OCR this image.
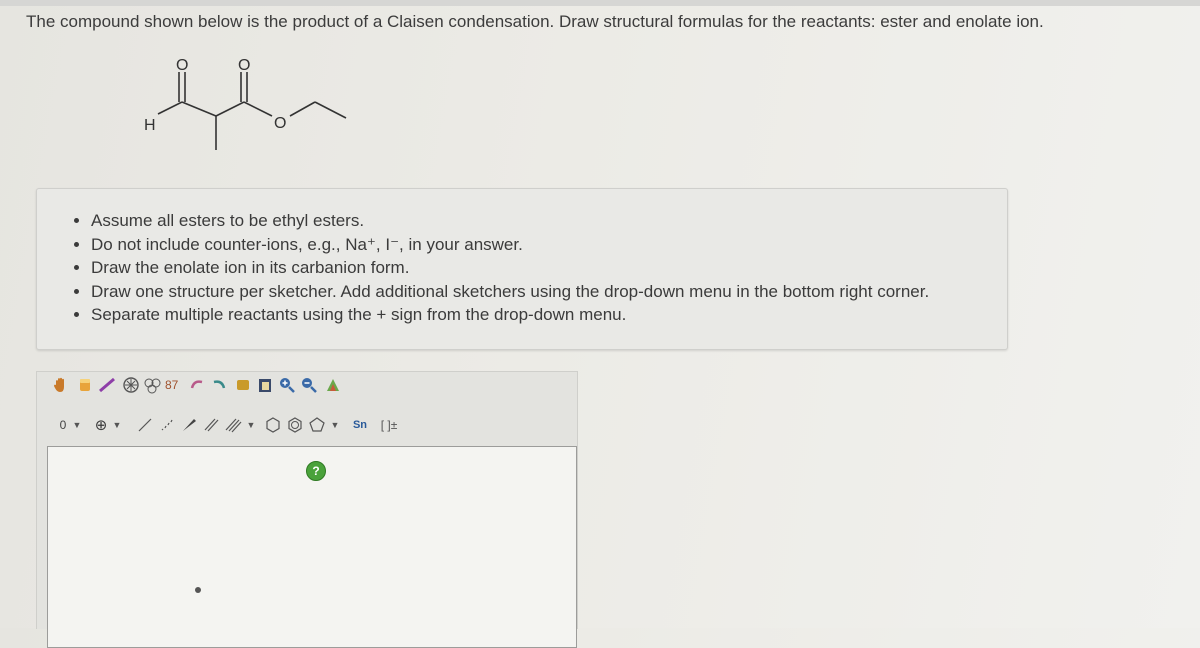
The compound shown below is the product of a Claisen condensation. Draw structural formulas for the reactants: ester and enolate ion.
O	O
H	O
• Assume all esters to be ethyl esters.
• Do not include counter-ions, e.g., Na⁺, I⁻, in your answer.
• Draw the enolate ion in its carbanion form.
• Draw one structure per sketcher. Add additional sketchers using the drop-down menu in the bottom right corner.
• Separate multiple reactants using the + sign from the drop-down menu.
87
0 ▼ ⊕ ▼	▼	▼	Sn [ ]±
?
